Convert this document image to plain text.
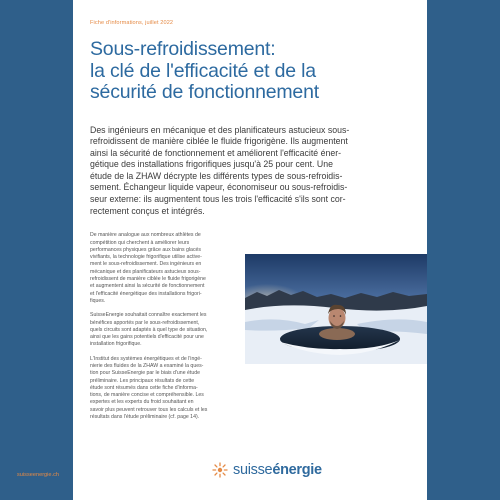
Fiche d'informations, juillet 2022
Sous-refroidissement:
la clé de l'efficacité et de la
sécurité de fonctionnement
Des ingénieurs en mécanique et des planificateurs astucieux sous-
refroidissent de manière ciblée le fluide frigorigène. Ils augmentent
ainsi la sécurité de fonctionnement et améliorent l'efficacité éner-
gétique des installations frigorifiques jusqu'à 25 pour cent. Une
étude de la ZHAW décrypte les différents types de sous-refroidis-
sement. Échangeur liquide vapeur, économiseur ou sous-refroidis-
seur externe: ils augmentent tous les trois l'efficacité s'ils sont cor-
rectement conçus et intégrés.

De manière analogue aux nombreux athlètes de
compétition qui cherchent à améliorer leurs
performances physiques grâce aux bains glacés
vivifiants, la technologie frigorifique utilise active-
ment le sous-refroidissement. Des ingénieurs en
mécanique et des planificateurs astucieux sous-
refroidissent de manière ciblée le fluide frigorigène
et augmentent ainsi la sécurité de fonctionnement
et l'efficacité énergétique des installations frigori-
fiques.

SuisseEnergie souhaitait connaître exactement les
bénéfices apportés par le sous-refroidissement,
quels circuits sont adaptés à quel type de situation,
ainsi que les gains potentiels d'efficacité pour une
installation frigorifique.

L'Institut des systèmes énergétiques et de l'ingé-
nierie des fluides de la ZHAW a examiné la ques-
tion pour SuisseEnergie par le biais d'une étude
préliminaire. Les principaux résultats de cette
étude sont résumés dans cette fiche d'informa-
tions, de manière concise et compréhensible. Les
expertes et les experts du froid souhaitant en
savoir plus peuvent retrouver tous les calculs et les
résultats dans l'étude préliminaire (cf. page 14).

suisseenergie.ch	suisseénergie
